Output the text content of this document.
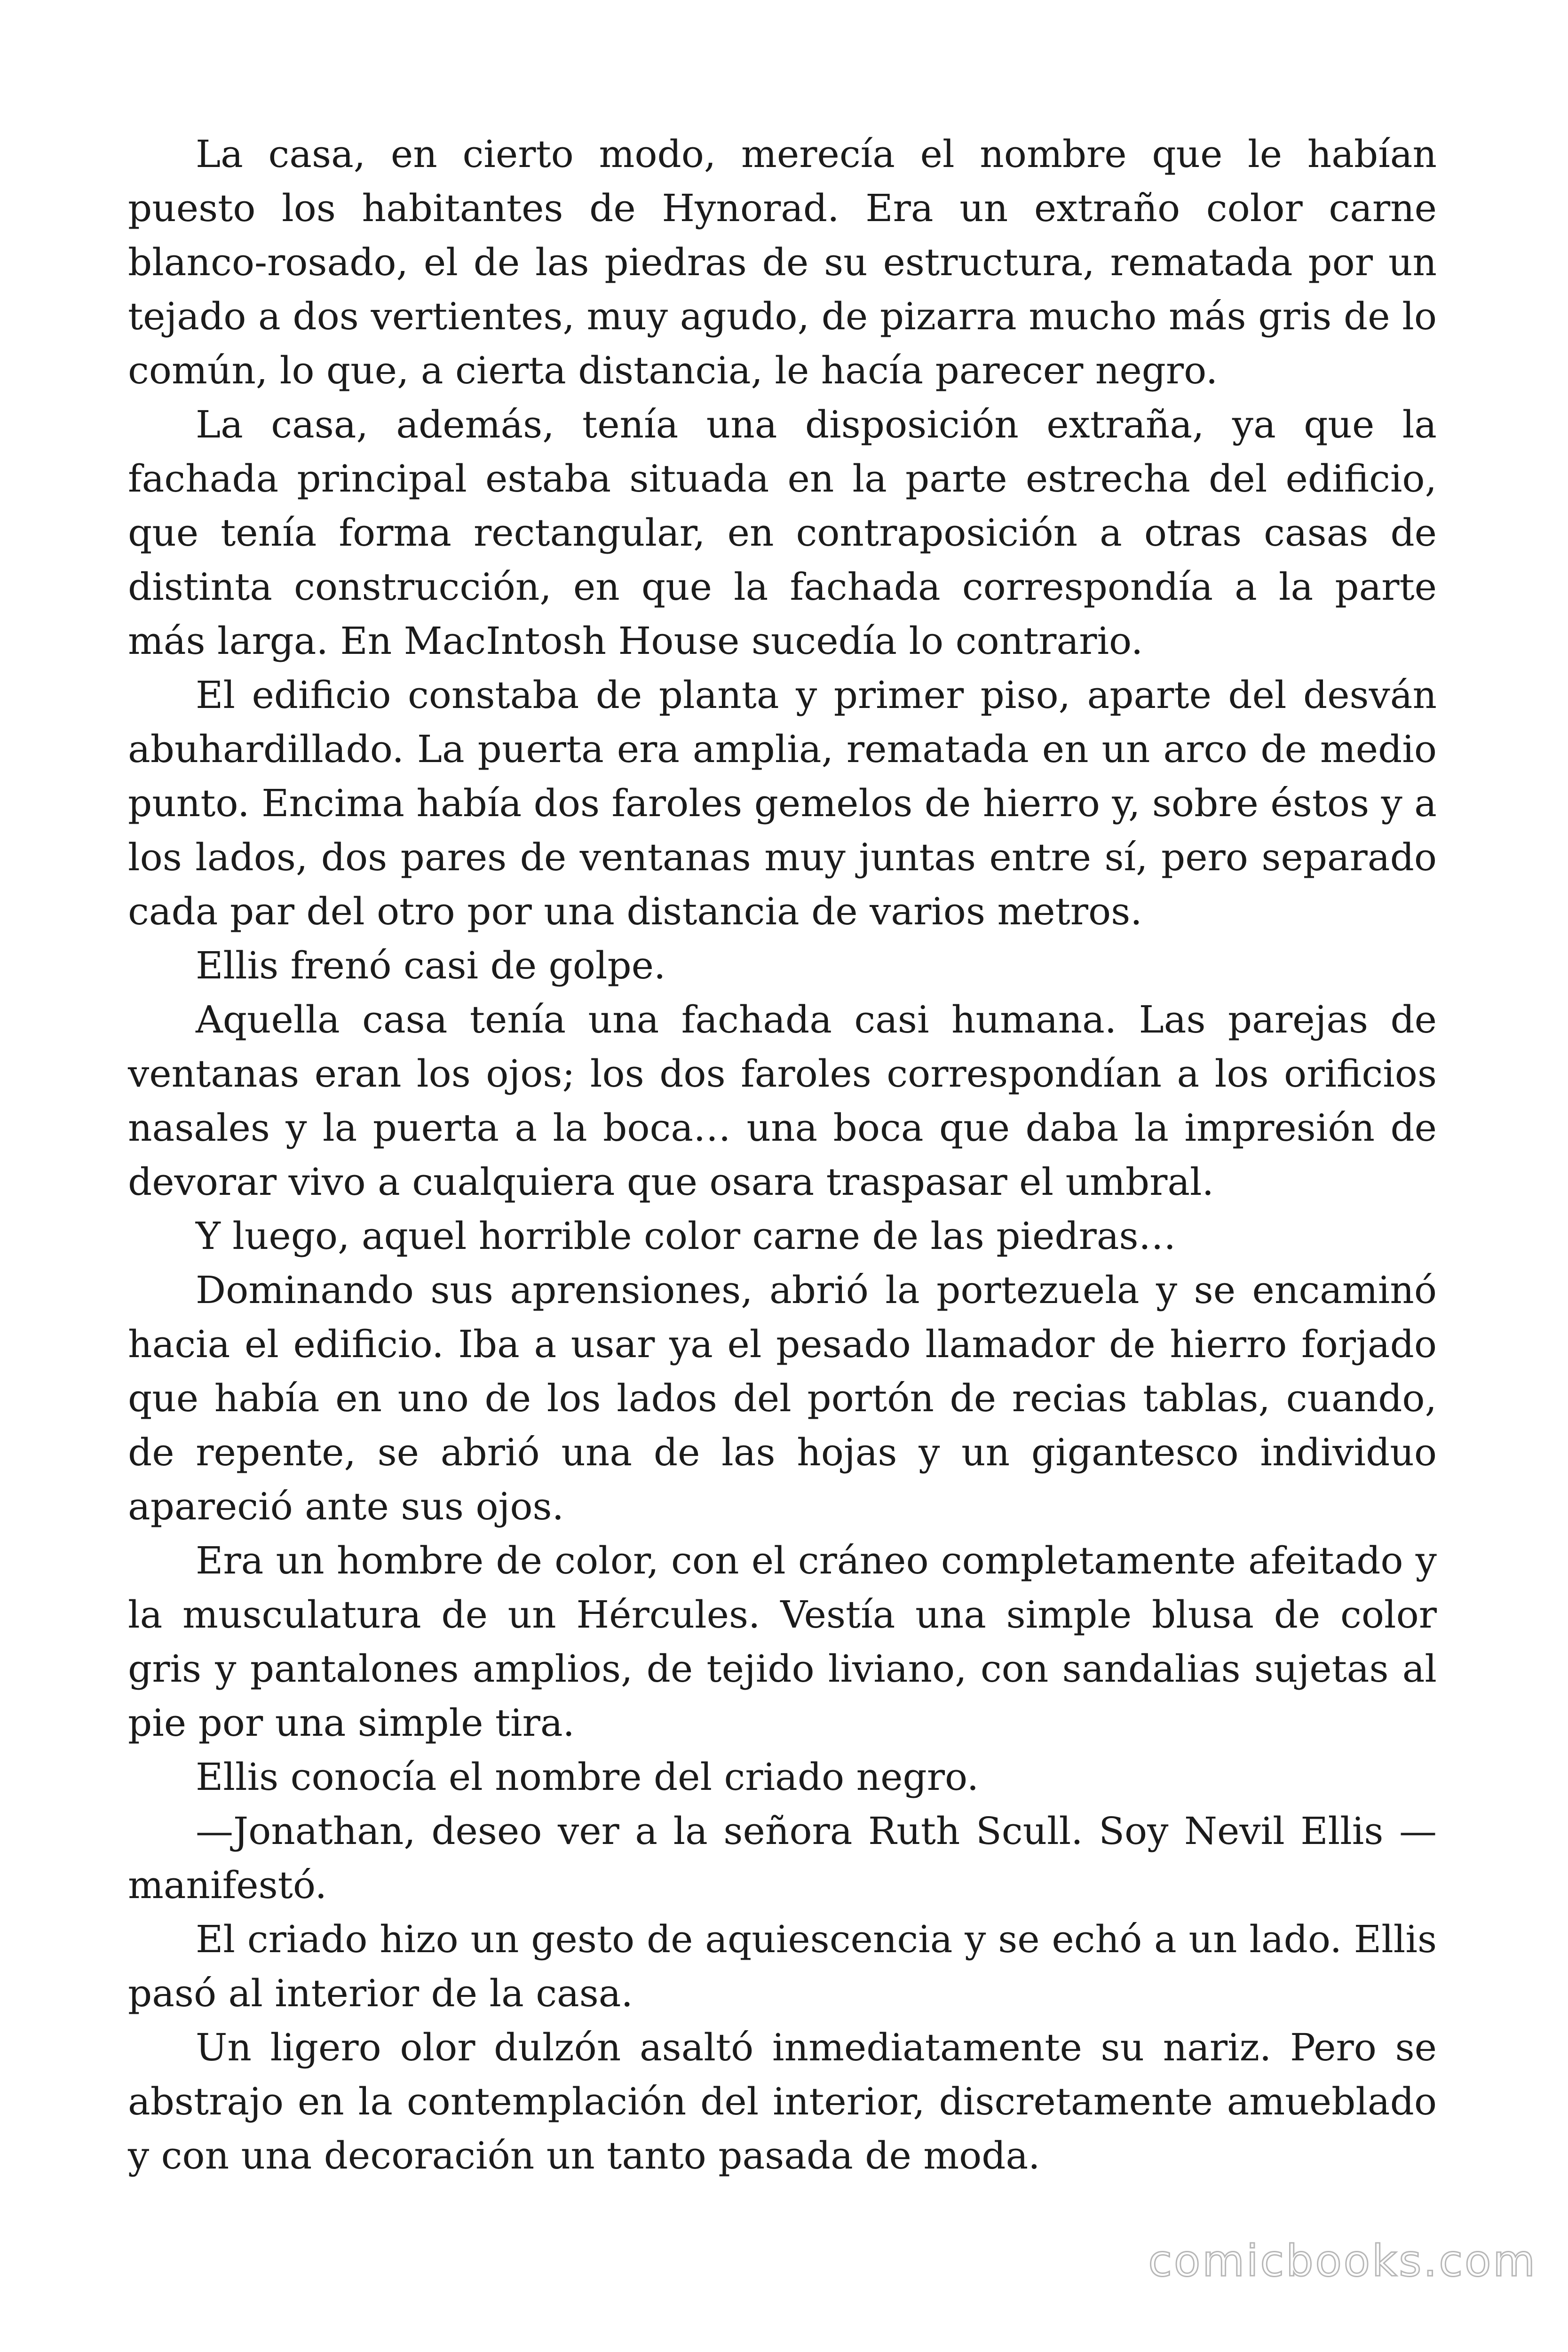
La casa, en cierto modo, merecía el nombre que le habían puesto los habitantes de Hynorad. Era un extraño color carne blanco-rosado, el de las piedras de su estructura, rematada por un tejado a dos vertientes, muy agudo, de pizarra mucho más gris de lo común, lo que, a cierta distancia, le hacía parecer negro.

La casa, además, tenía una disposición extraña, ya que la fachada principal estaba situada en la parte estrecha del edificio, que tenía forma rectangular, en contraposición a otras casas de distinta construcción, en que la fachada correspondía a la parte más larga. En MacIntosh House sucedía lo contrario.

El edificio constaba de planta y primer piso, aparte del desván abuhardillado. La puerta era amplia, rematada en un arco de medio punto. Encima había dos faroles gemelos de hierro y, sobre éstos y a los lados, dos pares de ventanas muy juntas entre sí, pero separado cada par del otro por una distancia de varios metros.

Ellis frenó casi de golpe.

Aquella casa tenía una fachada casi humana. Las parejas de ventanas eran los ojos; los dos faroles correspondían a los orificios nasales y la puerta a la boca… una boca que daba la impresión de devorar vivo a cualquiera que osara traspasar el umbral.

Y luego, aquel horrible color carne de las piedras…

Dominando sus aprensiones, abrió la portezuela y se encaminó hacia el edificio. Iba a usar ya el pesado llamador de hierro forjado que había en uno de los lados del portón de recias tablas, cuando, de repente, se abrió una de las hojas y un gigantesco individuo apareció ante sus ojos.

Era un hombre de color, con el cráneo completamente afeitado y la musculatura de un Hércules. Vestía una simple blusa de color gris y pantalones amplios, de tejido liviano, con sandalias sujetas al pie por una simple tira.

Ellis conocía el nombre del criado negro.

—Jonathan, deseo ver a la señora Ruth Scull. Soy Nevil Ellis —manifestó.

El criado hizo un gesto de aquiescencia y se echó a un lado. Ellis pasó al interior de la casa.

Un ligero olor dulzón asaltó inmediatamente su nariz. Pero se abstrajo en la contemplación del interior, discretamente amueblado y con una decoración un tanto pasada de moda.

comicbooks.com
